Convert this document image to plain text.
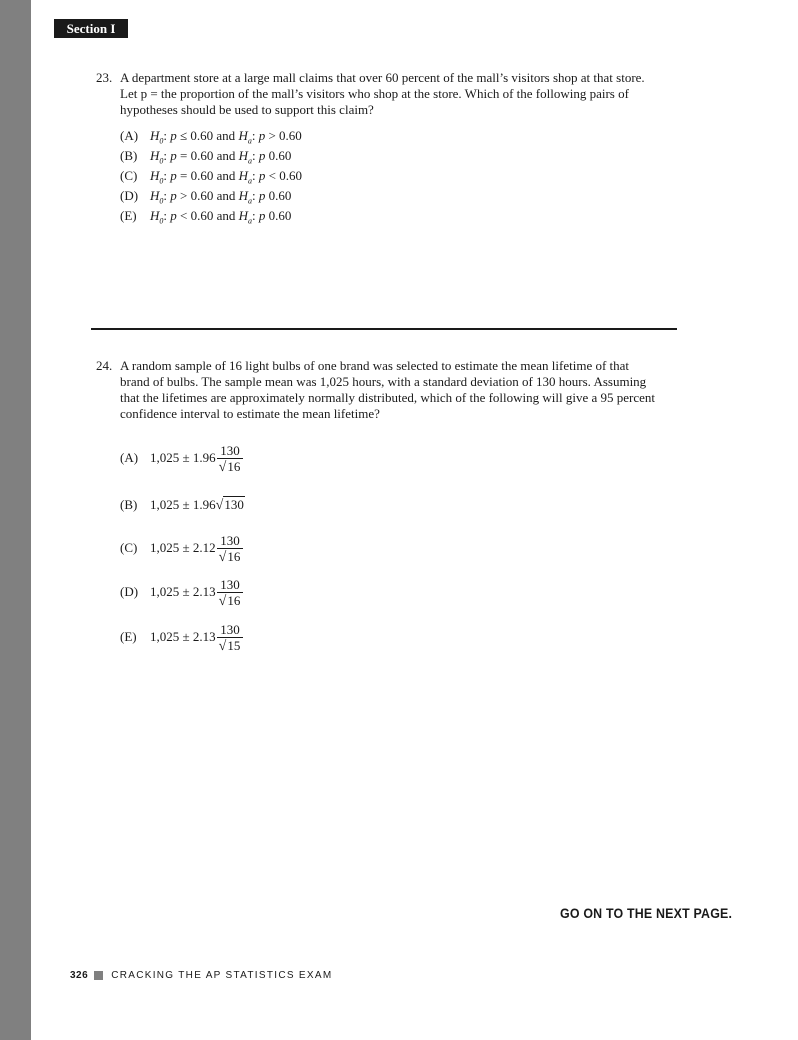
Section I
23. A department store at a large mall claims that over 60 percent of the mall’s visitors shop at that store. Let p = the proportion of the mall’s visitors who shop at the store. Which of the following pairs of hypotheses should be used to support this claim?
(A) $H_0$: p ≤ 0.60 and $H_a$: p > 0.60
(B) $H_0$: p = 0.60 and $H_a$: p 0.60
(C) $H_0$: p = 0.60 and $H_a$: p < 0.60
(D) $H_0$: p > 0.60 and $H_a$: p 0.60
(E) $H_0$: p < 0.60 and $H_a$: p 0.60
24. A random sample of 16 light bulbs of one brand was selected to estimate the mean lifetime of that brand of bulbs. The sample mean was 1,025 hours, with a standard deviation of 130 hours. Assuming that the lifetimes are approximately normally distributed, which of the following will give a 95 percent confidence interval to estimate the mean lifetime?
(A) $1,025 \pm 1.96 \frac{130}{√16}$
(B) 1,025 ± 1.96√130
(C) $1,025 \pm 2.12 \frac{130}{√16}$
(D) $1,025 \pm 2.13 \frac{130}{√16}$
(E) $1,025 \pm 2.13 \frac{130}{√15}$
GO ON TO THE NEXT PAGE.
326 CRACKING THE AP STATISTICS EXAM
